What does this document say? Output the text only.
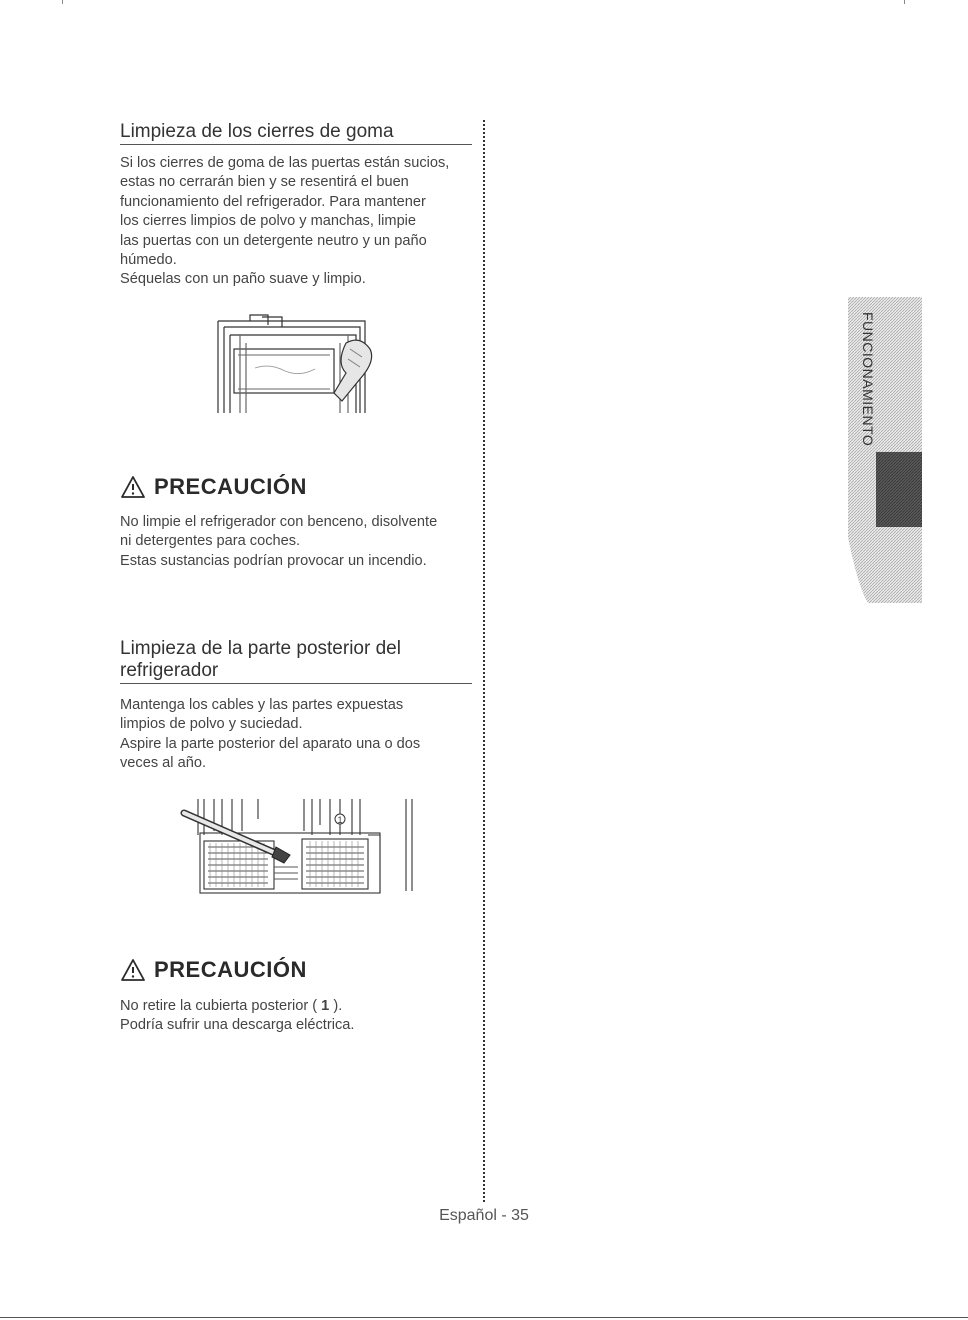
Limpieza de los cierres de goma

Si los cierres de goma de las puertas están sucios,
estas no cerrarán bien y se resentirá el buen
funcionamiento del refrigerador. Para mantener
los cierres limpios de polvo y manchas, limpie
las puertas con un detergente neutro y un paño
húmedo.
Séquelas con un paño suave y limpio.

PRECAUCIÓN

No limpie el refrigerador con benceno, disolvente
ni detergentes para coches.
Estas sustancias podrían provocar un incendio.

Limpieza de la parte posterior del
refrigerador

Mantenga los cables y las partes expuestas
limpios de polvo y suciedad.
Aspire la parte posterior del aparato una o dos
veces al año.

1
PRECAUCIÓN

No retire la cubierta posterior ( 1 ).
Podría sufrir una descarga eléctrica.

FUNCIONAMIENTO
Español - 35
